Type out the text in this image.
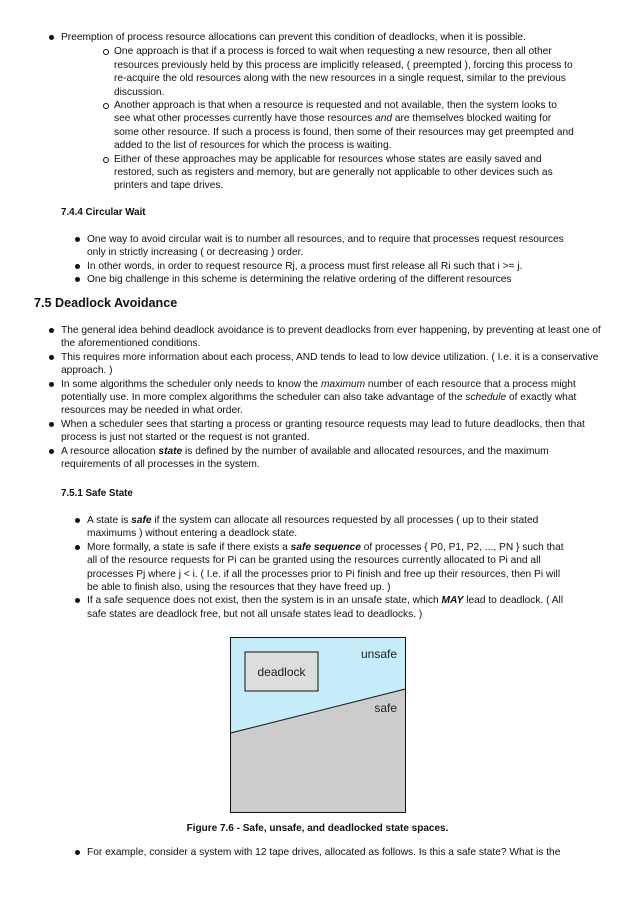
Preemption of process resource allocations can prevent this condition of deadlocks, when it is possible.
One approach is that if a process is forced to wait when requesting a new resource, then all other resources previously held by this process are implicitly released, ( preempted ), forcing this process to re-acquire the old resources along with the new resources in a single request, similar to the previous discussion.
Another approach is that when a resource is requested and not available, then the system looks to see what other processes currently have those resources and are themselves blocked waiting for some other resource. If such a process is found, then some of their resources may get preempted and added to the list of resources for which the process is waiting.
Either of these approaches may be applicable for resources whose states are easily saved and restored, such as registers and memory, but are generally not applicable to other devices such as printers and tape drives.
7.4.4 Circular Wait
One way to avoid circular wait is to number all resources, and to require that processes request resources only in strictly increasing ( or decreasing ) order.
In other words, in order to request resource Rj, a process must first release all Ri such that i >= j.
One big challenge in this scheme is determining the relative ordering of the different resources
7.5 Deadlock Avoidance
The general idea behind deadlock avoidance is to prevent deadlocks from ever happening, by preventing at least one of the aforementioned conditions.
This requires more information about each process, AND tends to lead to low device utilization. ( I.e. it is a conservative approach. )
In some algorithms the scheduler only needs to know the maximum number of each resource that a process might potentially use. In more complex algorithms the scheduler can also take advantage of the schedule of exactly what resources may be needed in what order.
When a scheduler sees that starting a process or granting resource requests may lead to future deadlocks, then that process is just not started or the request is not granted.
A resource allocation state is defined by the number of available and allocated resources, and the maximum requirements of all processes in the system.
7.5.1 Safe State
A state is safe if the system can allocate all resources requested by all processes ( up to their stated maximums ) without entering a deadlock state.
More formally, a state is safe if there exists a safe sequence of processes { P0, P1, P2, ..., PN } such that all of the resource requests for Pi can be granted using the resources currently allocated to Pi and all processes Pj where j < i. ( I.e. if all the processes prior to Pi finish and free up their resources, then Pi will be able to finish also, using the resources that they have freed up. )
If a safe sequence does not exist, then the system is in an unsafe state, which MAY lead to deadlock. ( All safe states are deadlock free, but not all unsafe states lead to deadlocks. )
deadlock
unsafe
safe
Figure 7.6 - Safe, unsafe, and deadlocked state spaces.
For example, consider a system with 12 tape drives, allocated as follows. Is this a safe state? What is the
